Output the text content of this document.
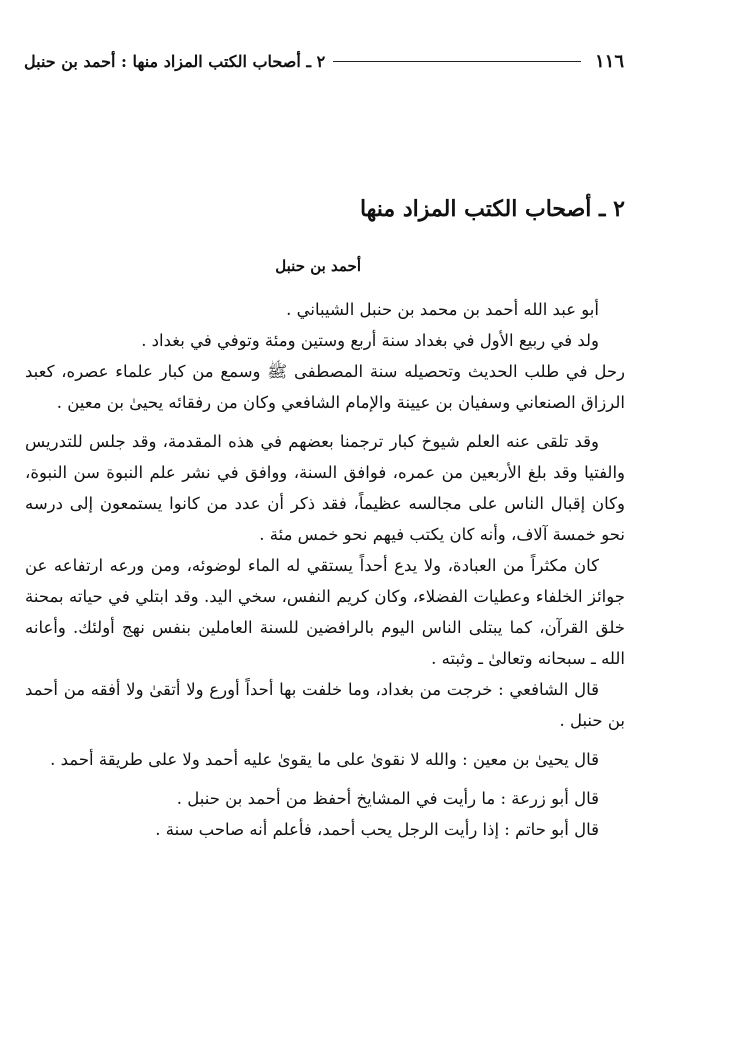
١١٦
٢ ـ أصحاب الكتب المزاد منها : أحمد بن حنبل
٢ ـ أصحاب الكتب المزاد منها
أحمد بن حنبل

أبو عبد الله أحمد بن محمد بن حنبل الشيباني .

ولد في ربيع الأول في بغداد سنة أربع وستين ومئة وتوفي في بغداد .

رحل في طلب الحديث وتحصيله سنة المصطفى ﷺ وسمع من كبار علماء عصره، كعبد الرزاق الصنعاني وسفيان بن عيينة والإمام الشافعي وكان من رفقائه يحيىٰ بن معين .

وقد تلقى عنه العلم شيوخ كبار ترجمنا بعضهم في هذه المقدمة، وقد جلس للتدريس والفتيا وقد بلغ الأربعين من عمره، فوافق السنة، ووافق في نشر علم النبوة سن النبوة، وكان إقبال الناس على مجالسه عظيماً، فقد ذكر أن عدد من كانوا يستمعون إلى درسه نحو خمسة آلاف، وأنه كان يكتب فيهم نحو خمس مئة .

كان مكثراً من العبادة، ولا يدع أحداً يستقي له الماء لوضوئه، ومن ورعه ارتفاعه عن جوائز الخلفاء وعطيات الفضلاء، وكان كريم النفس، سخي اليد. وقد ابتلي في حياته بمحنة خلق القرآن، كما يبتلى الناس اليوم بالرافضين للسنة العاملين بنفس نهج أولئك. وأعانه الله ـ سبحانه وتعالىٰ ـ وثبته .

قال الشافعي : خرجت من بغداد، وما خلفت بها أحداً أورع ولا أتقىٰ ولا أفقه من أحمد بن حنبل .

قال يحيىٰ بن معين : والله لا نقوىٰ على ما يقوىٰ عليه أحمد ولا على طريقة أحمد .

قال أبو زرعة : ما رأيت في المشايخ أحفظ من أحمد بن حنبل .

قال أبو حاتم : إذا رأيت الرجل يحب أحمد، فأعلم أنه صاحب سنة .
